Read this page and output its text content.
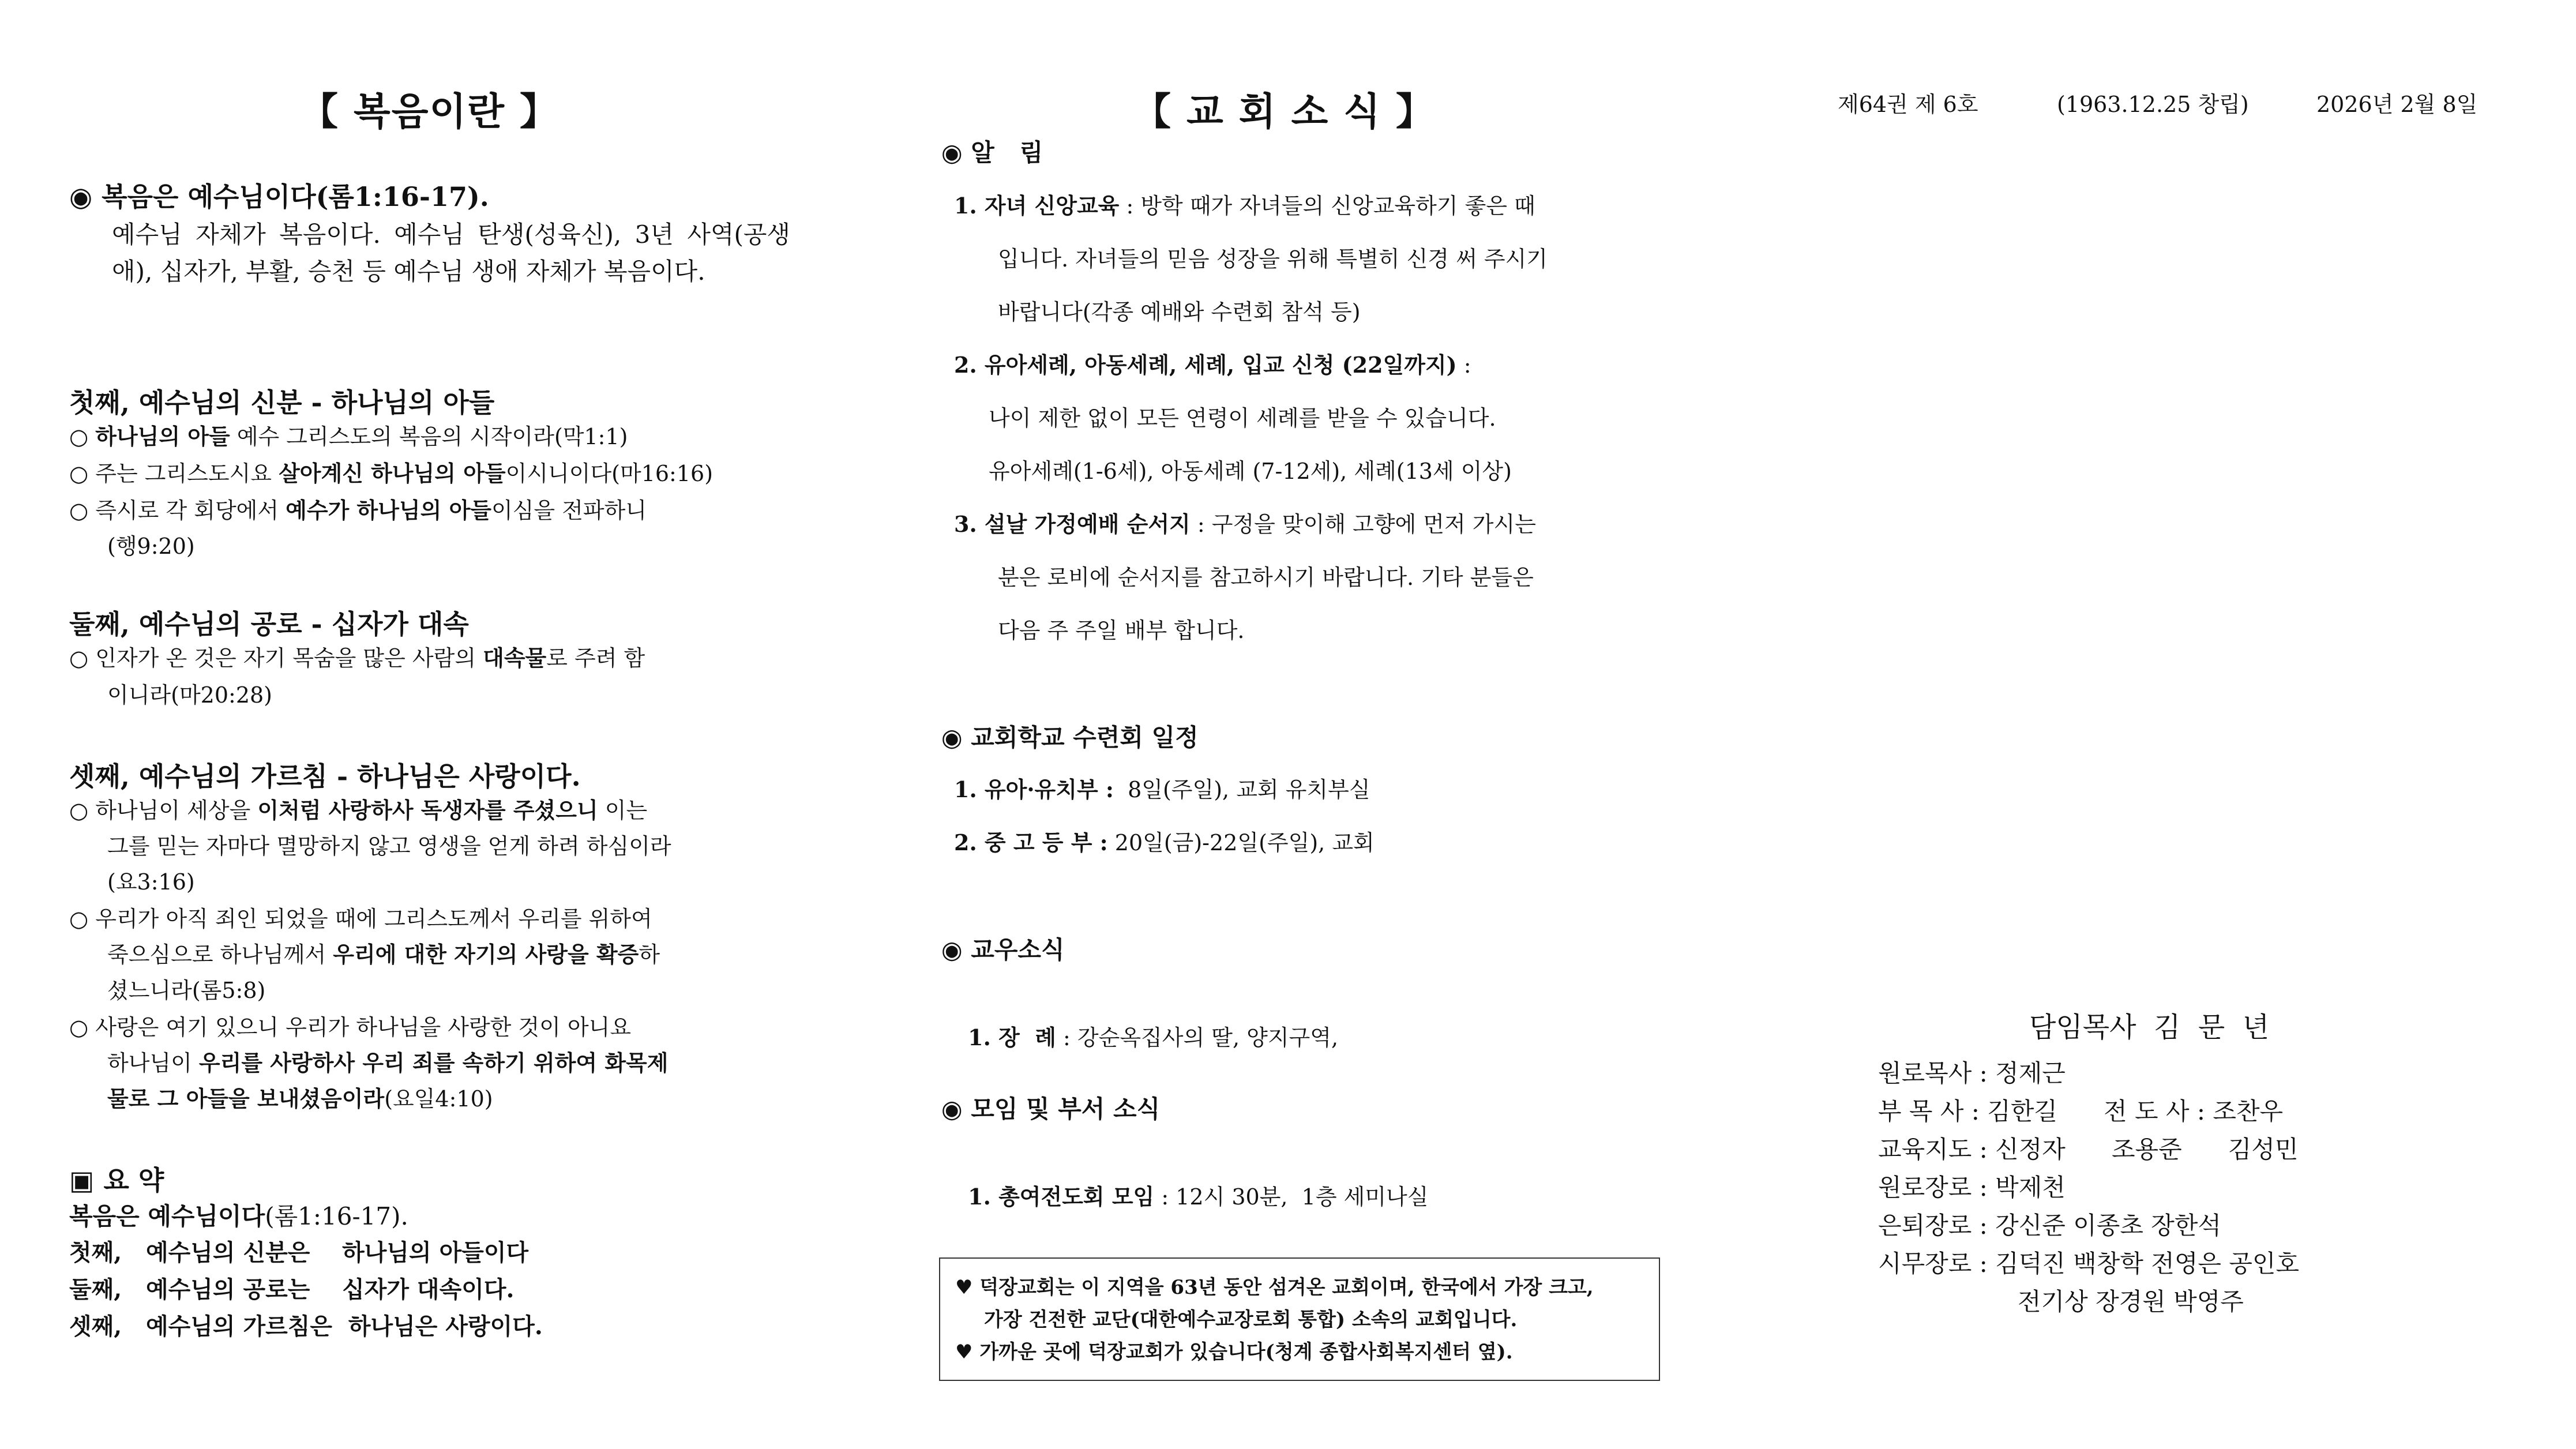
【 복음이란 】
◉ 복음은 예수님이다(롬1:16-17).
예수님 자체가 복음이다. 예수님 탄생(성육신), 3년 사역(공생애), 십자가, 부활, 승천 등 예수님 생애 자체가 복음이다.
첫째, 예수님의 신분 - 하나님의 아들
○ 하나님의 아들 예수 그리스도의 복음의 시작이라(막1:1)
○ 주는 그리스도시요 살아계신 하나님의 아들이시니이다(마16:16)
○ 즉시로 각 회당에서 예수가 하나님의 아들이심을 전파하니
(행9:20)
둘째, 예수님의 공로 - 십자가 대속
○ 인자가 온 것은 자기 목숨을 많은 사람의 대속물로 주려 함
이니라(마20:28)
셋째, 예수님의 가르침 - 하나님은 사랑이다.
○ 하나님이 세상을 이처럼 사랑하사 독생자를 주셨으니 이는
그를 믿는 자마다 멸망하지 않고 영생을 얻게 하려 하심이라
(요3:16)
○ 우리가 아직 죄인 되었을 때에 그리스도께서 우리를 위하여
죽으심으로 하나님께서 우리에 대한 자기의 사랑을 확증하
셨느니라(롬5:8)
○ 사랑은 여기 있으니 우리가 하나님을 사랑한 것이 아니요
하나님이 우리를 사랑하사 우리 죄를 속하기 위하여 화목제
물로 그 아들을 보내셨음이라(요일4:10)
▣ 요 약
복음은 예수님이다(롬1:16-17).
첫째,   예수님의 신분은    하나님의 아들이다
둘째,   예수님의 공로는    십자가 대속이다.
셋째,   예수님의 가르침은  하나님은 사랑이다.
【 교 회 소 식 】
◉ 알   림
1. 자녀 신앙교육 : 방학 때가 자녀들의 신앙교육하기 좋은 때
입니다. 자녀들의 믿음 성장을 위해 특별히 신경 써 주시기
바랍니다(각종 예배와 수련회 참석 등)
2. 유아세례, 아동세례, 세례, 입교 신청 (22일까지) :
나이 제한 없이 모든 연령이 세례를 받을 수 있습니다.
유아세례(1-6세), 아동세례 (7-12세), 세례(13세 이상)
3. 설날 가정예배 순서지 : 구정을 맞이해 고향에 먼저 가시는
분은 로비에 순서지를 참고하시기 바랍니다. 기타 분들은
다음 주 주일 배부 합니다.
◉ 교회학교 수련회 일정
1. 유아·유치부 :  8일(주일), 교회 유치부실
2. 중 고 등 부 : 20일(금)-22일(주일), 교회
◉ 교우소식

1. 장  례 : 강순옥집사의 딸, 양지구역,

◉ 모임 및 부서 소식

1. 총여전도회 모임 : 12시 30분,  1층 세미나실

♥ 덕장교회는 이 지역을 63년 동안 섬겨온 교회이며, 한국에서 가장 크고,
가장 건전한 교단(대한예수교장로회 통합) 소속의 교회입니다.
♥ 가까운 곳에 덕장교회가 있습니다(청계 종합사회복지센터 옆).
제64권 제 6호	(1963.12.25 창립)	2026년 2월 8일
담임목사  김  문  년
원로목사 : 정제근
부 목 사 : 김한길      전 도 사 : 조찬우
교육지도 : 신정자      조용준      김성민
원로장로 : 박제천
은퇴장로 : 강신준 이종초 장한석
시무장로 : 김덕진 백창학 전영은 공인호
전기상 장경원 박영주
